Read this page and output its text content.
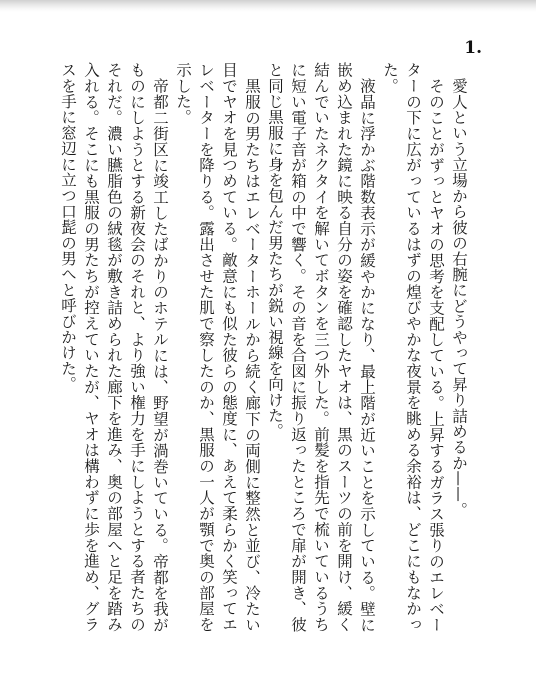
1.

愛人という立場から彼の右腕にどうやって昇り詰めるか——。

そのことがずっとヤオの思考を支配している。上昇するガラス張りのエレベーターの下に広がっているはずの煌びやかな夜景を眺める余裕は、どこにもなかった。

液晶に浮かぶ階数表示が緩やかになり、最上階が近いことを示している。壁に嵌め込まれた鏡に映る自分の姿を確認したヤオは、黒のスーツの前を開け、緩く結んでいたネクタイを解いてボタンを三つ外した。前髪を指先で梳いているうちに短い電子音が箱の中で響く。その音を合図に振り返ったところで扉が開き、彼と同じ黒服に身を包んだ男たちが鋭い視線を向けた。

黒服の男たちはエレベーターホールから続く廊下の両側に整然と並び、冷たい目でヤオを見つめている。敵意にも似た彼らの態度に、あえて柔らかく笑ってエレベーターを降りる。露出させた肌で察したのか、黒服の一人が顎で奥の部屋を示した。

帝都二街区に竣工したばかりのホテルには、野望が渦巻いている。帝都を我がものにしようとする新夜会のそれと、より強い権力を手にしようとする者たちのそれだ。濃い臙脂色の絨毯が敷き詰められた廊下を進み、奥の部屋へと足を踏み入れる。そこにも黒服の男たちが控えていたが、ヤオは構わずに歩を進め、グラスを手に窓辺に立つ口髭の男へと呼びかけた。
